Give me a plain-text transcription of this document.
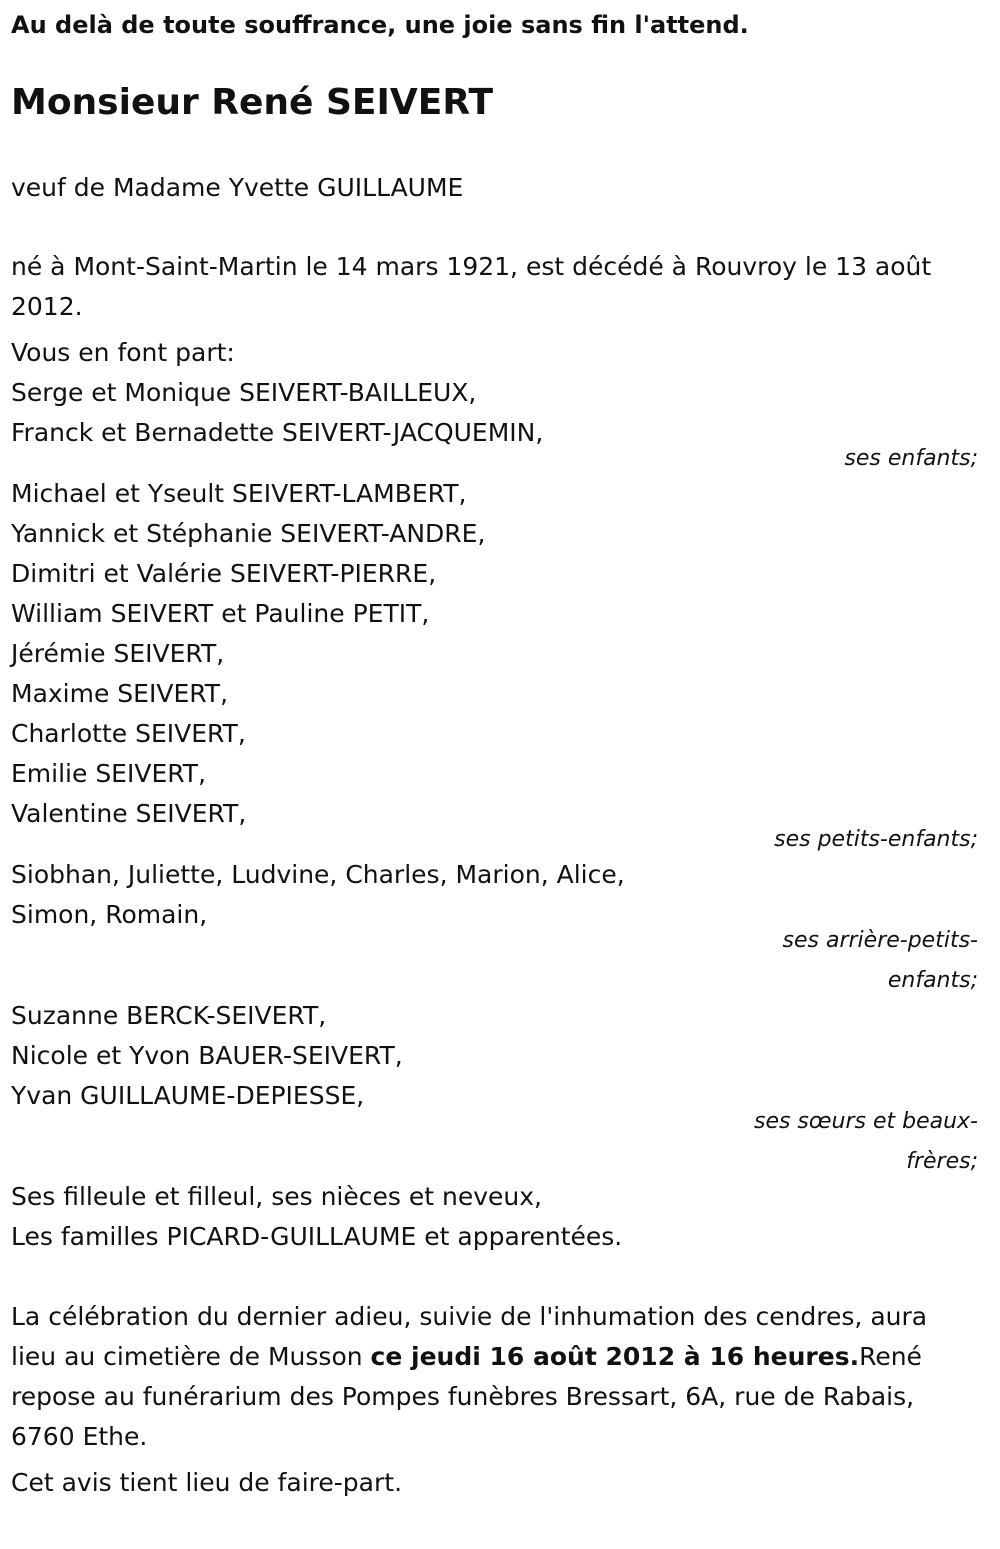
Au delà de toute souffrance, une joie sans fin l'attend.

Monsieur René SEIVERT

veuf de Madame Yvette GUILLAUME

né à Mont-Saint-Martin le 14 mars 1921, est décédé à Rouvroy le 13 août 2012.

Vous en font part:

Serge et Monique SEIVERT-BAILLEUX,

Franck et Bernadette SEIVERT-JACQUEMIN,

ses enfants;

Michael et Yseult SEIVERT-LAMBERT,

Yannick et Stéphanie SEIVERT-ANDRE,

Dimitri et Valérie SEIVERT-PIERRE,

William SEIVERT et Pauline PETIT,

Jérémie SEIVERT,

Maxime SEIVERT,

Charlotte SEIVERT,

Emilie SEIVERT,

Valentine SEIVERT,

ses petits-enfants;

Siobhan, Juliette, Ludvine, Charles, Marion, Alice,

Simon, Romain,

ses arrière-petits-

enfants;

Suzanne BERCK-SEIVERT,

Nicole et Yvon BAUER-SEIVERT,

Yvan GUILLAUME-DEPIESSE,

ses sœurs et beaux-

frères;

Ses filleule et filleul, ses nièces et neveux,

Les familles PICARD-GUILLAUME et apparentées.

La célébration du dernier adieu, suivie de l'inhumation des cendres, aura lieu au cimetière de Musson ce jeudi 16 août 2012 à 16 heures.René repose au funérarium des Pompes funèbres Bressart, 6A, rue de Rabais, 6760 Ethe.

Cet avis tient lieu de faire-part.
